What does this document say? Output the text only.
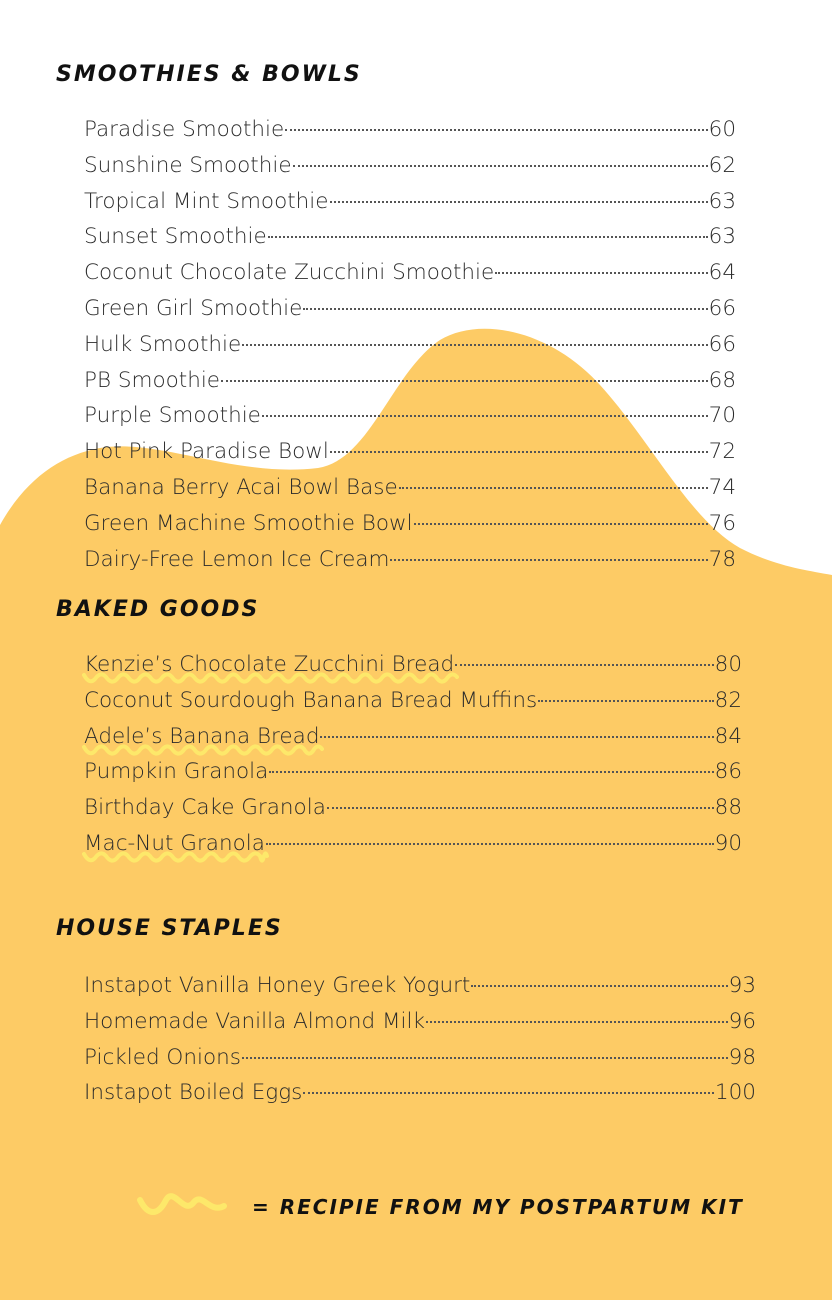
SMOOTHIES & BOWLS
Paradise Smoothie	60
Sunshine Smoothie	62
Tropical Mint Smoothie	63
Sunset Smoothie	63
Coconut Chocolate Zucchini Smoothie	64
Green Girl Smoothie	66
Hulk Smoothie	66
PB Smoothie	68
Purple Smoothie	70
Hot Pink Paradise Bowl	72
Banana Berry Acai Bowl Base	74
Green Machine Smoothie Bowl	76
Dairy-Free Lemon Ice Cream	78
BAKED GOODS
Kenzie’s Chocolate Zucchini Bread	80
Coconut Sourdough Banana Bread Muffins	82
Adele’s Banana Bread	84
Pumpkin Granola	86
Birthday Cake Granola	88
Mac-Nut Granola	90
HOUSE STAPLES
Instapot Vanilla Honey Greek Yogurt	93
Homemade Vanilla Almond Milk	96
Pickled Onions	98
Instapot Boiled Eggs	100
= RECIPIE FROM MY POSTPARTUM KIT
